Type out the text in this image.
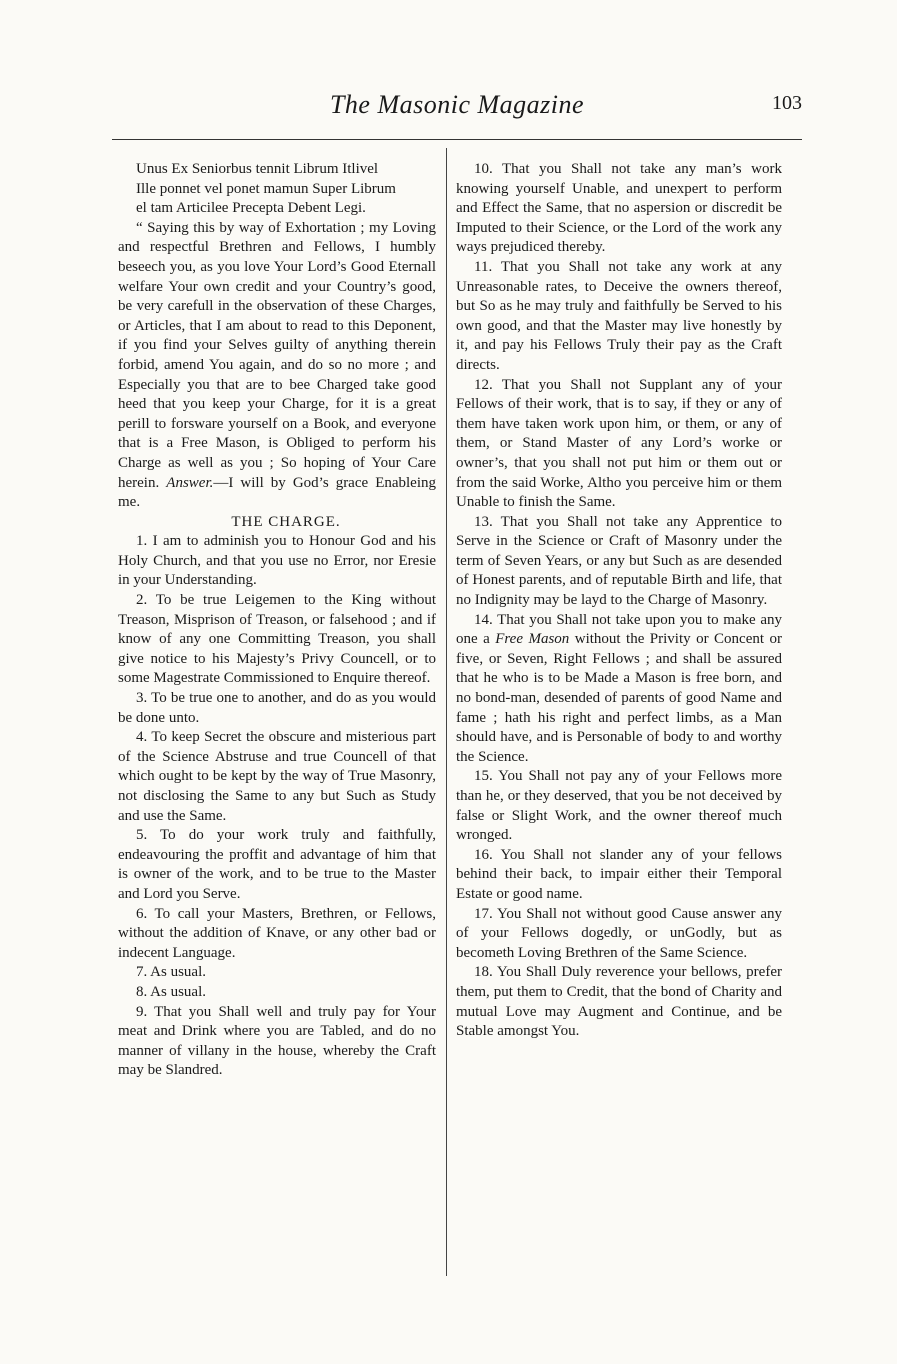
The Masonic Magazine	103

Unus Ex Seniorbus tennit Librum Itlivel

Ille ponnet vel ponet mamun Super Librum

el tam Articilee Precepta Debent Legi.

“ Saying this by way of Exhortation ; my Loving and respectful Brethren and Fellows, I humbly beseech you, as you love Your Lord’s Good Eternall welfare Your own credit and your Country’s good, be very carefull in the observation of these Charges, or Articles, that I am about to read to this Deponent, if you find your Selves guilty of anything therein forbid, amend You again, and do so no more ; and Especially you that are to bee Charged take good heed that you keep your Charge, for it is a great perill to forsware yourself on a Book, and everyone that is a Free Mason, is Obliged to perform his Charge as well as you ; So hoping of Your Care herein. Answer.—I will by God’s grace Enableing me.

THE CHARGE.

1. I am to adminish you to Honour God and his Holy Church, and that you use no Error, nor Eresie in your Understanding.

2. To be true Leigemen to the King without Treason, Misprison of Treason, or falsehood ; and if know of any one Committing Treason, you shall give notice to his Majesty’s Privy Councell, or to some Magestrate Commissioned to Enquire thereof.

3. To be true one to another, and do as you would be done unto.

4. To keep Secret the obscure and misterious part of the Science Abstruse and true Councell of that which ought to be kept by the way of True Masonry, not disclosing the Same to any but Such as Study and use the Same.

5. To do your work truly and faithfully, endeavouring the proffit and advantage of him that is owner of the work, and to be true to the Master and Lord you Serve.

6. To call your Masters, Brethren, or Fellows, without the addition of Knave, or any other bad or indecent Language.

7. As usual.

8. As usual.

9. That you Shall well and truly pay for Your meat and Drink where you are Tabled, and do no manner of villany in the house, whereby the Craft may be Slandred.

10. That you Shall not take any man’s work knowing yourself Unable, and unexpert to perform and Effect the Same, that no aspersion or discredit be Imputed to their Science, or the Lord of the work any ways prejudiced thereby.

11. That you Shall not take any work at any Unreasonable rates, to Deceive the owners thereof, but So as he may truly and faithfully be Served to his own good, and that the Master may live honestly by it, and pay his Fellows Truly their pay as the Craft directs.

12. That you Shall not Supplant any of your Fellows of their work, that is to say, if they or any of them have taken work upon him, or them, or any of them, or Stand Master of any Lord’s worke or owner’s, that you shall not put him or them out or from the said Worke, Altho you perceive him or them Unable to finish the Same.

13. That you Shall not take any Apprentice to Serve in the Science or Craft of Masonry under the term of Seven Years, or any but Such as are desended of Honest parents, and of reputable Birth and life, that no Indignity may be layd to the Charge of Masonry.

14. That you Shall not take upon you to make any one a Free Mason without the Privity or Concent or five, or Seven, Right Fellows ; and shall be assured that he who is to be Made a Mason is free born, and no bond-man, desended of parents of good Name and fame ; hath his right and perfect limbs, as a Man should have, and is Personable of body to and worthy the Science.

15. You Shall not pay any of your Fellows more than he, or they deserved, that you be not deceived by false or Slight Work, and the owner thereof much wronged.

16. You Shall not slander any of your fellows behind their back, to impair either their Temporal Estate or good name.

17. You Shall not without good Cause answer any of your Fellows dogedly, or unGodly, but as becometh Loving Brethren of the Same Science.

18. You Shall Duly reverence your bellows, prefer them, put them to Credit, that the bond of Charity and mutual Love may Augment and Continue, and be Stable amongst You.
